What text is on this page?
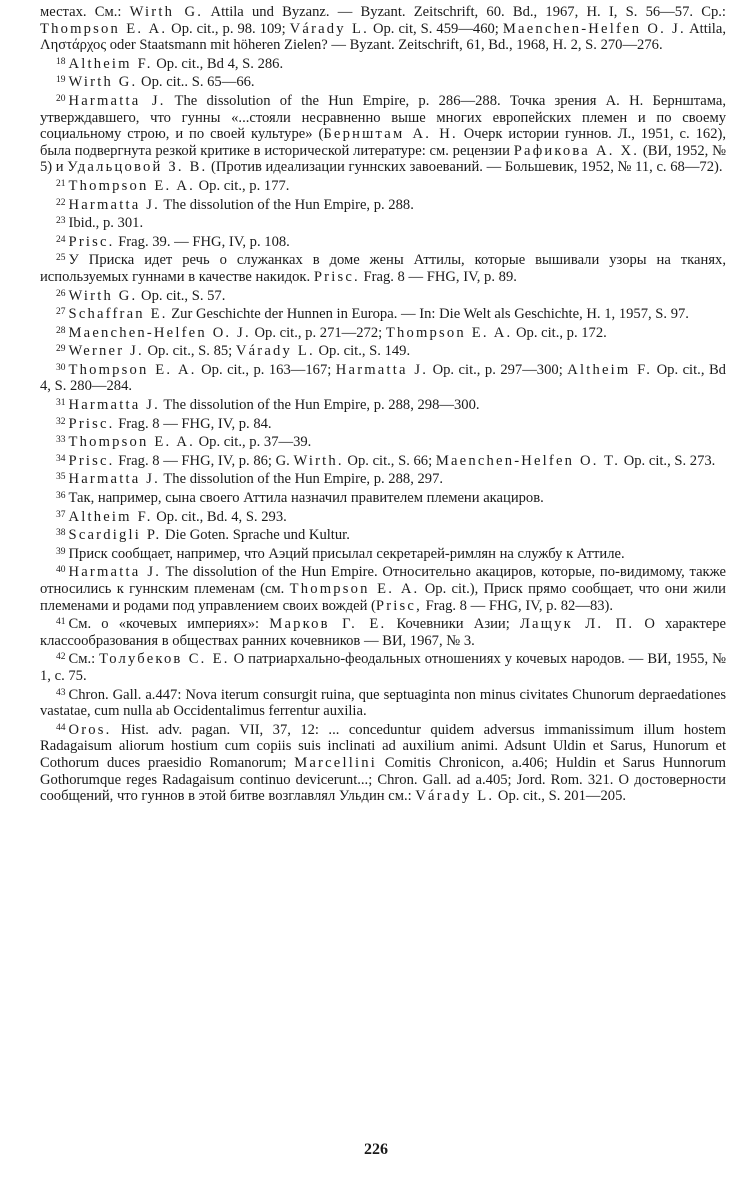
местах. См.: Wirth G. Attila und Byzanz. — Byzant. Zeitschrift, 60. Bd., 1967, H. I, S. 56—57. Ср.: Thompson E. A. Op. cit., p. 98. 109; Várady L. Op. cit, S. 459—460; Maenchen-Helfen O. J. Attila, Ληστάρχος oder Staatsmann mit höheren Zielen? — Byzant. Zeitschrift, 61, Bd., 1968, H. 2, S. 270—276.

$^{18}$ Altheim F. Op. cit., Bd 4, S. 286.

$^{19}$ Wirth G. Op. cit.. S. 65—66.

$^{20}$ Harmatta J. The dissolution of the Hun Empire, p. 286—288. Точка зрения А. Н. Бернштама, утверждавшего, что гунны «...стояли несравненно выше многих европейских племен и по своему социальному строю, и по своей культуре» (Бернштам А. Н. Очерк истории гуннов. Л., 1951, с. 162), была подвергнута резкой критике в исторической литературе: см. рецензии Рафикова А. X. (ВИ, 1952, № 5) и Удальцовой З. В. (Против идеализации гуннских завоеваний. — Большевик, 1952, № 11, с. 68—72).

$^{21}$ Thompson E. A. Op. cit., p. 177.

$^{22}$ Harmatta J. The dissolution of the Hun Empire, p. 288.

$^{23}$ Ibid., p. 301.

$^{24}$ Prisc. Frag. 39. — FHG, IV, p. 108.

$^{25}$ У Приска идет речь о служанках в доме жены Аттилы, которые вышивали узоры на тканях, используемых гуннами в качестве накидок. Prisc. Frag. 8 — FHG, IV, p. 89.

$^{26}$ Wirth G. Op. cit., S. 57.

$^{27}$ Schaffran E. Zur Geschichte der Hunnen in Europa. — In: Die Welt als Geschichte, H. 1, 1957, S. 97.

$^{28}$ Maenchen-Helfen O. J. Op. cit., p. 271—272; Thompson E. A. Op. cit., p. 172.

$^{29}$ Werner J. Op. cit., S. 85; Várady L. Op. cit., S. 149.

$^{30}$ Thompson E. A. Op. cit., p. 163—167; Harmatta J. Op. cit., p. 297—300; Altheim F. Op. cit., Bd 4, S. 280—284.

$^{31}$ Harmatta J. The dissolution of the Hun Empire, p. 288, 298—300.

$^{32}$ Prisc. Frag. 8 — FHG, IV, p. 84.

$^{33}$ Thompson E. A. Op. cit., p. 37—39.

$^{34}$ Prisc. Frag. 8 — FHG, IV, p. 86; G. Wirth. Op. cit., S. 66; Maenchen-Helfen O. T. Op. cit., S. 273.

$^{35}$ Harmatta J. The dissolution of the Hun Empire, p. 288, 297.

$^{36}$ Так, например, сына своего Аттила назначил правителем племени акациров.

$^{37}$ Altheim F. Op. cit., Bd. 4, S. 293.

$^{38}$ Scardigli P. Die Goten. Sprache und Kultur.

$^{39}$ Приск сообщает, например, что Аэций присылал секретарей-римлян на службу к Аттиле.

$^{40}$ Harmatta J. The dissolution of the Hun Empire. Относительно акациров, которые, по-видимому, также относились к гуннским племенам (см. Thompson E. A. Op. cit.), Приск прямо сообщает, что они жили племенами и родами под управлением своих вождей (Prisc, Frag. 8 — FHG, IV, p. 82—83).

$^{41}$ См. о «кочевых империях»: Марков Г. Е. Кочевники Азии; Лащук Л. П. О характере классообразования в обществах ранних кочевников — ВИ, 1967, № 3.

$^{42}$ См.: Толубеков С. Е. О патриархально-феодальных отношениях у кочевых народов. — ВИ, 1955, № 1, с. 75.

$^{43}$ Chron. Gall. a.447: Nova iterum consurgit ruina, que septuaginta non minus civitates Chunorum depraedationes vastatae, cum nulla ab Occidentalimus ferrentur auxilia.

$^{44}$ Oros. Hist. adv. pagan. VII, 37, 12: ... conceduntur quidem adversus immanissimum illum hostem Radagaisum aliorum hostium cum copiis suis inclinati ad auxilium animi. Adsunt Uldin et Sarus, Hunorum et Cothorum duces praesidio Romanorum; Marcellini Comitis Chronicon, a.406; Huldin et Sarus Hunnorum Gothorumque reges Radagaisum continuo devicerunt...; Chron. Gall. ad a.405; Jord. Rom. 321. О достоверности сообщений, что гуннов в этой битве возглавлял Ульдин см.: Várady L. Op. cit., S. 201—205.

226
